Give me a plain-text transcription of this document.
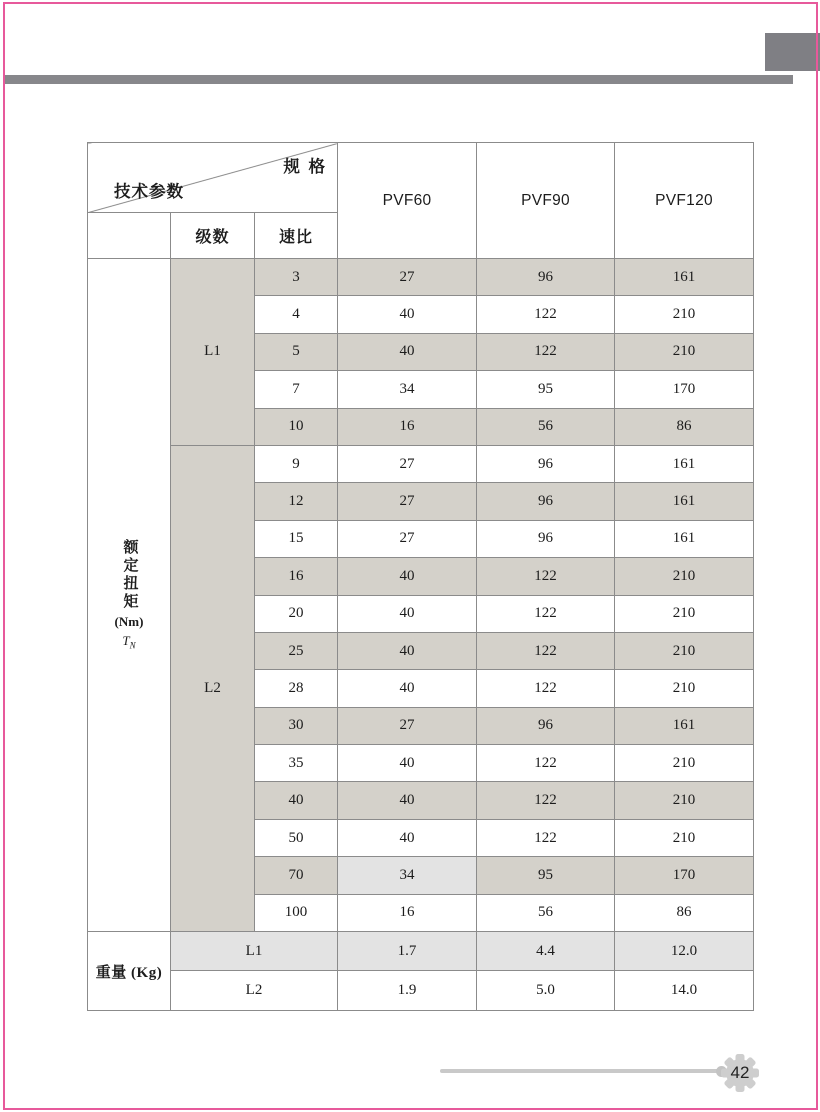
技术参数
规 格			PVF60	PVF90	PVF120
	级数	速比			

额定扭矩
(Nm)
$T_N$	L1	3	27	96	161
		4	40	122	210
		5	40	122	210
		7	34	95	170
		10	16	56	86
	L2	9	27	96	161
		12	27	96	161
		15	27	96	161
		16	40	122	210
		20	40	122	210
		25	40	122	210
		28	40	122	210
		30	27	96	161
		35	40	122	210
		40	40	122	210
		50	40	122	210
		70	34	95	170
		100	16	56	86
重量 (Kg)	L1		1.7	4.4	12.0
	L2		1.9	5.0	14.0
42
